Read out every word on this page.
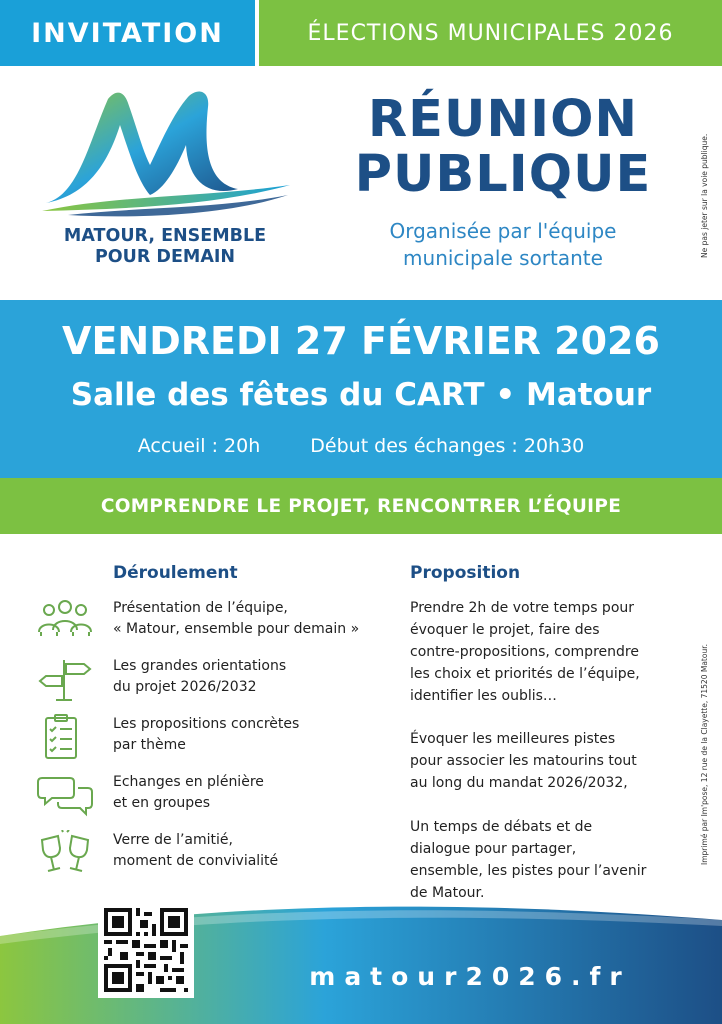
INVITATION	ÉLECTIONS MUNICIPALES 2026
MATOUR, ENSEMBLE
POUR DEMAIN
RÉUNION
PUBLIQUE
Organisée par l'équipe
municipale sortante	Ne pas jeter sur la voie publique.
Imprimé par Im'pose, 12 rue de la Clayette, 71520 Matour.
VENDREDI 27 FÉVRIER 2026
Salle des fêtes du CART • Matour
Accueil : 20h	Début des échanges : 20h30
COMPRENDRE LE PROJET, RENCONTRER L’ÉQUIPE
Déroulement
Présentation de l’équipe,
« Matour, ensemble pour demain »
Les grandes orientations
du projet 2026/2032
Les propositions concrètes
par thème
Echanges en plénière
et en groupes
Verre de l’amitié,
moment de convivialité
Proposition
Prendre 2h de votre temps pour
évoquer le projet, faire des
contre-propositions, comprendre
les choix et priorités de l’équipe,
identifier les oublis…
Évoquer les meilleures pistes
pour associer les matourins tout
au long du mandat 2026/2032,
Un temps de débats et de
dialogue pour partager,
ensemble, les pistes pour l’avenir
de Matour.
matour2026.fr
